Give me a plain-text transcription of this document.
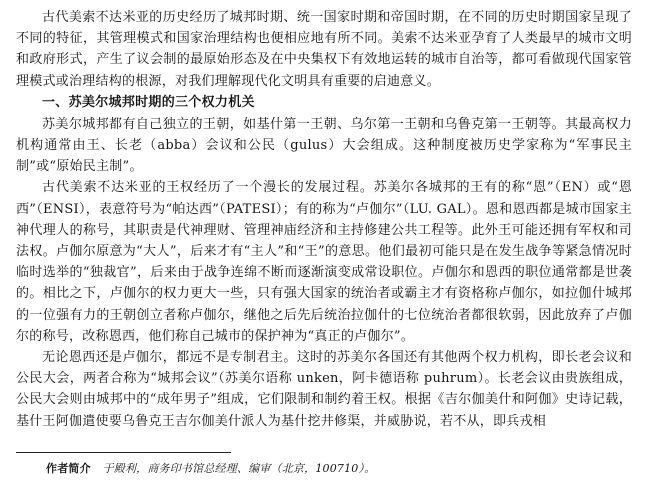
古代美索不达米亚的历史经历了城邦时期、统一国家时期和帝国时期，在不同的历史时期国家呈现了不同的特征，其管理模式和国家治理结构也便相应地有所不同。美索不达米亚孕育了人类最早的城市文明和政府形式，产生了议会制的最原始形态及在中央集权下有效地运转的城市自治等，都可看做现代国家管理模式或治理结构的根源，对我们理解现代化文明具有重要的启迪意义。

一、苏美尔城邦时期的三个权力机关

苏美尔城邦都有自己独立的王朝，如基什第一王朝、乌尔第一王朝和乌鲁克第一王朝等。其最高权力机构通常由王、长老（abba）会议和公民（gulus）大会组成。这种制度被历史学家称为“军事民主制”或“原始民主制”。

古代美索不达米亚的王权经历了一个漫长的发展过程。苏美尔各城邦的王有的称“恩”（EN）或“恩西”（ENSI），表意符号为“帕达西”（PATESI）；有的称为“卢伽尔”（LU. GAL）。恩和恩西都是城市国家主神代理人的称号，其职责是代神理财、管理神庙经济和主持修建公共工程等。此外王可能还拥有军权和司法权。卢伽尔原意为“大人”，后来才有“主人”和“王”的意思。他们最初可能只是在发生战争等紧急情况时临时选举的“独裁官”，后来由于战争连绵不断而逐渐演变成常设职位。卢伽尔和恩西的职位通常都是世袭的。相比之下，卢伽尔的权力更大一些，只有强大国家的统治者或霸主才有资格称卢伽尔，如拉伽什城邦的一位强有力的王朝创立者称卢伽尔，继他之后先后统治拉伽什的七位统治者都很软弱，因此放弃了卢伽尔的称号，改称恩西，他们称自己城市的保护神为“真正的卢伽尔”。

无论恩西还是卢伽尔，都远不是专制君主。这时的苏美尔各国还有其他两个权力机构，即长老会议和公民大会，两者合称为“城邦会议”（苏美尔语称 unken，阿卡德语称 puhrum）。长老会议由贵族组成，公民大会则由城邦中的“成年男子”组成，它们限制和制约着王权。根据《吉尔伽美什和阿伽》史诗记载，基什王阿伽遣使要乌鲁克王吉尔伽美什派人为基什挖井修渠，并威胁说，若不从，即兵戎相

作者简介 于殿利，商务印书馆总经理、编审（北京，100710）。
